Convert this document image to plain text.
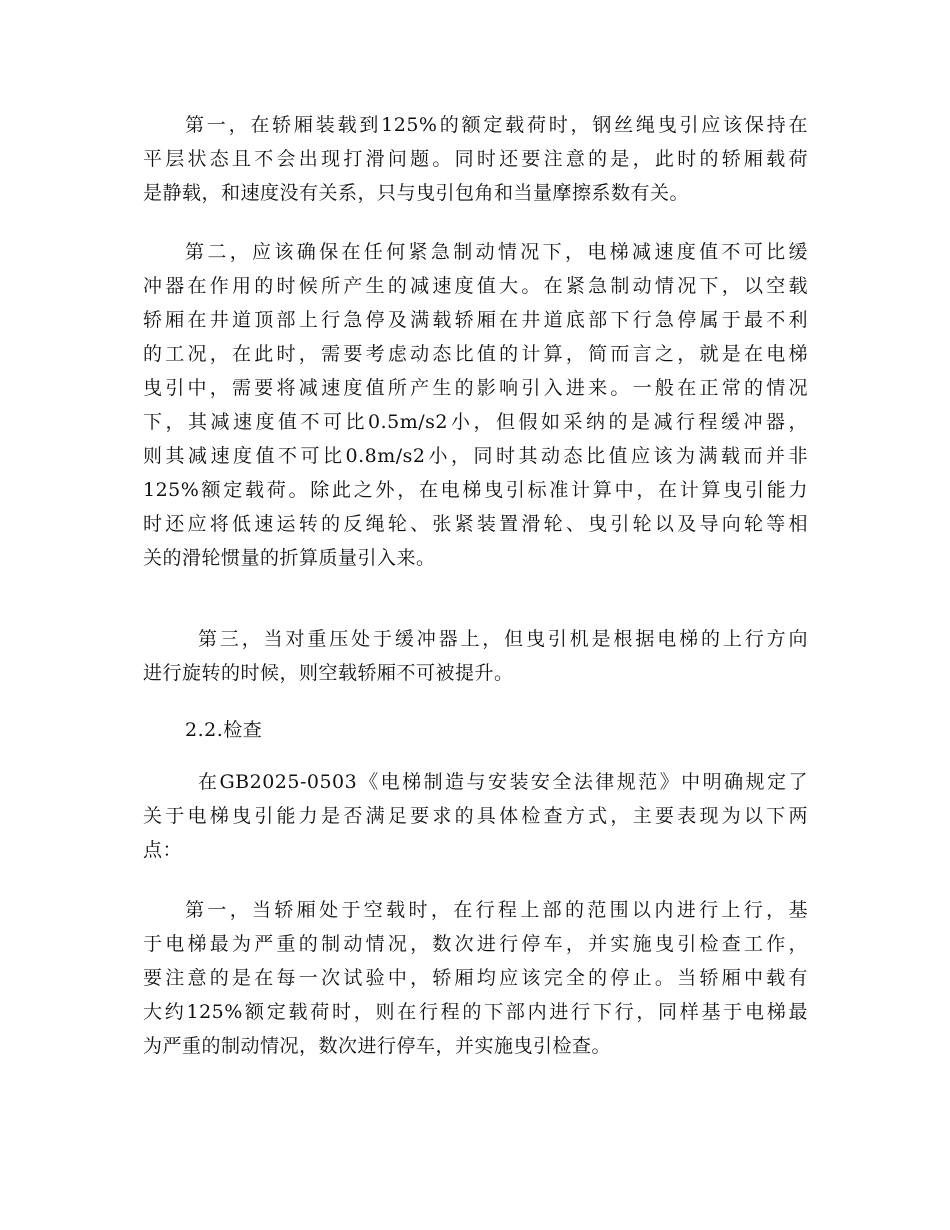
第一，在轿厢装载到125%的额定载荷时，钢丝绳曳引应该保持在
平层状态且不会出现打滑问题。同时还要注意的是，此时的轿厢载荷
是静载，和速度没有关系，只与曳引包角和当量摩擦系数有关。
第二，应该确保在任何紧急制动情况下，电梯减速度值不可比缓
冲器在作用的时候所产生的减速度值大。在紧急制动情况下，以空载
轿厢在井道顶部上行急停及满载轿厢在井道底部下行急停属于最不利
的工况，在此时，需要考虑动态比值的计算，简而言之，就是在电梯
曳引中，需要将减速度值所产生的影响引入进来。一般在正常的情况
下，其减速度值不可比0.5m/s2小，但假如采纳的是减行程缓冲器，
则其减速度值不可比0.8m/s2小，同时其动态比值应该为满载而并非
125%额定载荷。除此之外，在电梯曳引标准计算中，在计算曳引能力
时还应将低速运转的反绳轮、张紧装置滑轮、曳引轮以及导向轮等相
关的滑轮惯量的折算质量引入来。
第三，当对重压处于缓冲器上，但曳引机是根据电梯的上行方向
进行旋转的时候，则空载轿厢不可被提升。
2.2.检查
在GB2025-0503《电梯制造与安装安全法律规范》中明确规定了
关于电梯曳引能力是否满足要求的具体检查方式，主要表现为以下两
点：
第一，当轿厢处于空载时，在行程上部的范围以内进行上行，基
于电梯最为严重的制动情况，数次进行停车，并实施曳引检查工作，
要注意的是在每一次试验中，轿厢均应该完全的停止。当轿厢中载有
大约125%额定载荷时，则在行程的下部内进行下行，同样基于电梯最
为严重的制动情况，数次进行停车，并实施曳引检查。
